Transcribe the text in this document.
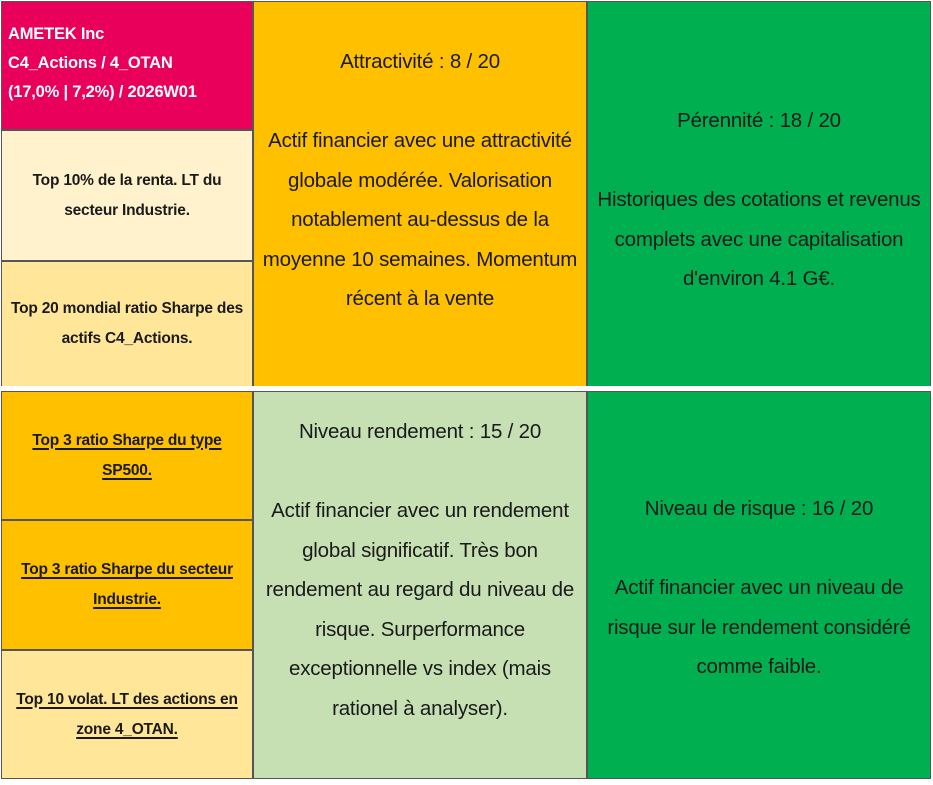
AMETEK Inc
C4_Actions / 4_OTAN
(17,0% | 7,2%) / 2026W01
Top 10% de la renta. LT du secteur Industrie.
Top 20 mondial ratio Sharpe des actifs C4_Actions.
Top 3 ratio Sharpe du type SP500.
Top 3 ratio Sharpe du secteur Industrie.
Top 10 volat. LT des actions en zone 4_OTAN.
Attractivité : 8 / 20
Actif financier avec une attractivité globale modérée. Valorisation notablement au-dessus de la moyenne 10 semaines. Momentum récent à la vente
Pérennité : 18 / 20
Historiques des cotations et revenus complets avec une capitalisation d'environ 4.1 G€.
Niveau rendement : 15 / 20
Actif financier avec un rendement global significatif. Très bon rendement au regard du niveau de risque. Surperformance exceptionnelle vs index (mais rationel à analyser).
Niveau de risque : 16 / 20
Actif financier avec un niveau de risque sur le rendement considéré comme faible.
